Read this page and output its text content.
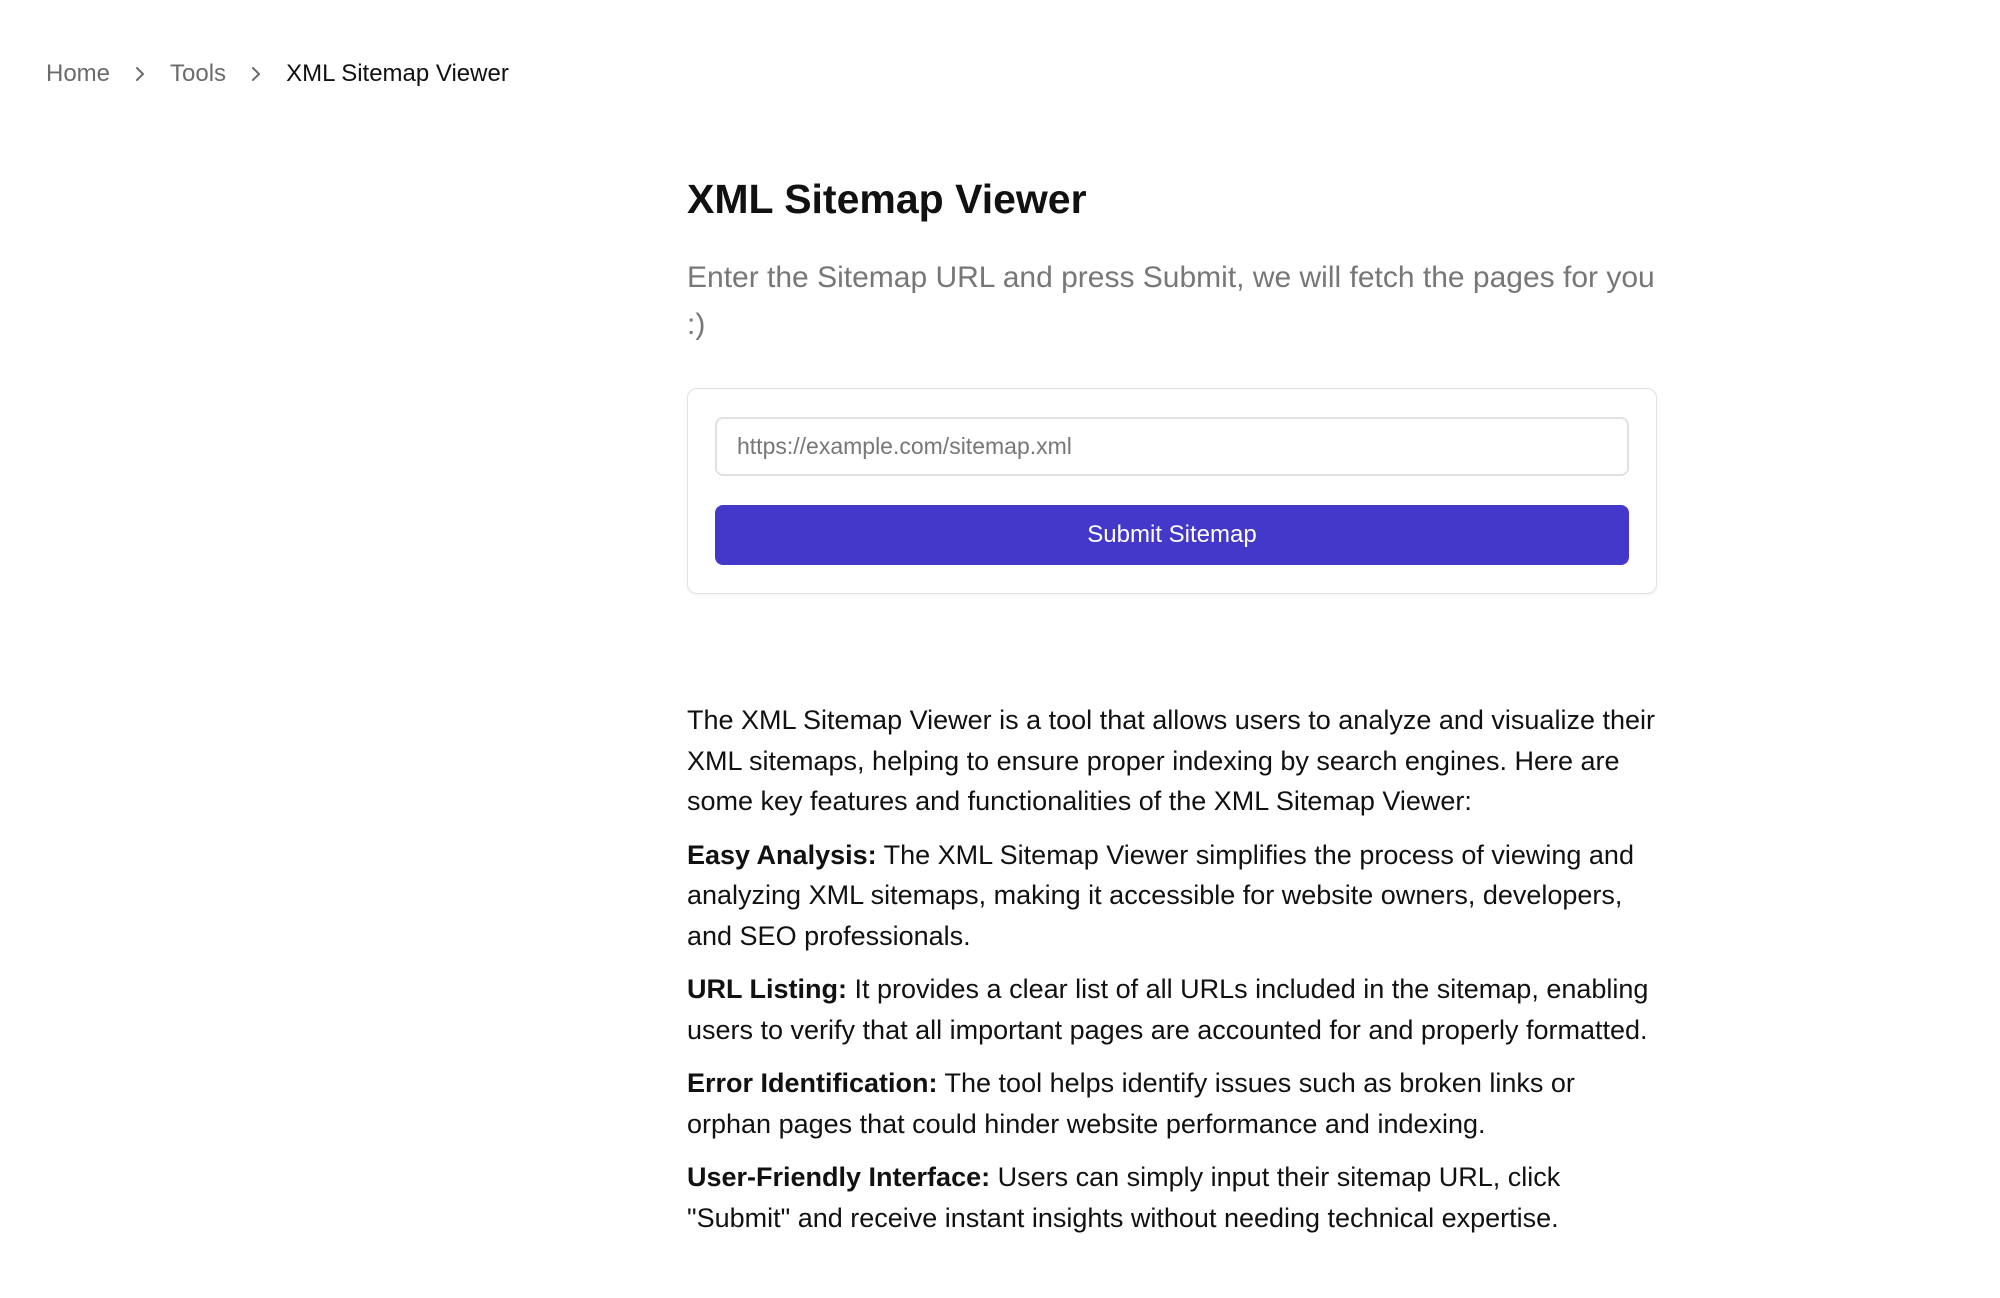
Home	Tools	XML Sitemap Viewer
XML Sitemap Viewer

Enter the Sitemap URL and press Submit, we will fetch the pages for you :)

https://example.com/sitemap.xml
Submit Sitemap

The XML Sitemap Viewer is a tool that allows users to analyze and visualize their XML sitemaps, helping to ensure proper indexing by search engines. Here are some key features and functionalities of the XML Sitemap Viewer:

Easy Analysis: The XML Sitemap Viewer simplifies the process of viewing and analyzing XML sitemaps, making it accessible for website owners, developers, and SEO professionals.

URL Listing: It provides a clear list of all URLs included in the sitemap, enabling users to verify that all important pages are accounted for and properly formatted.

Error Identification: The tool helps identify issues such as broken links or orphan pages that could hinder website performance and indexing.

User-Friendly Interface: Users can simply input their sitemap URL, click "Submit" and receive instant insights without needing technical expertise.
